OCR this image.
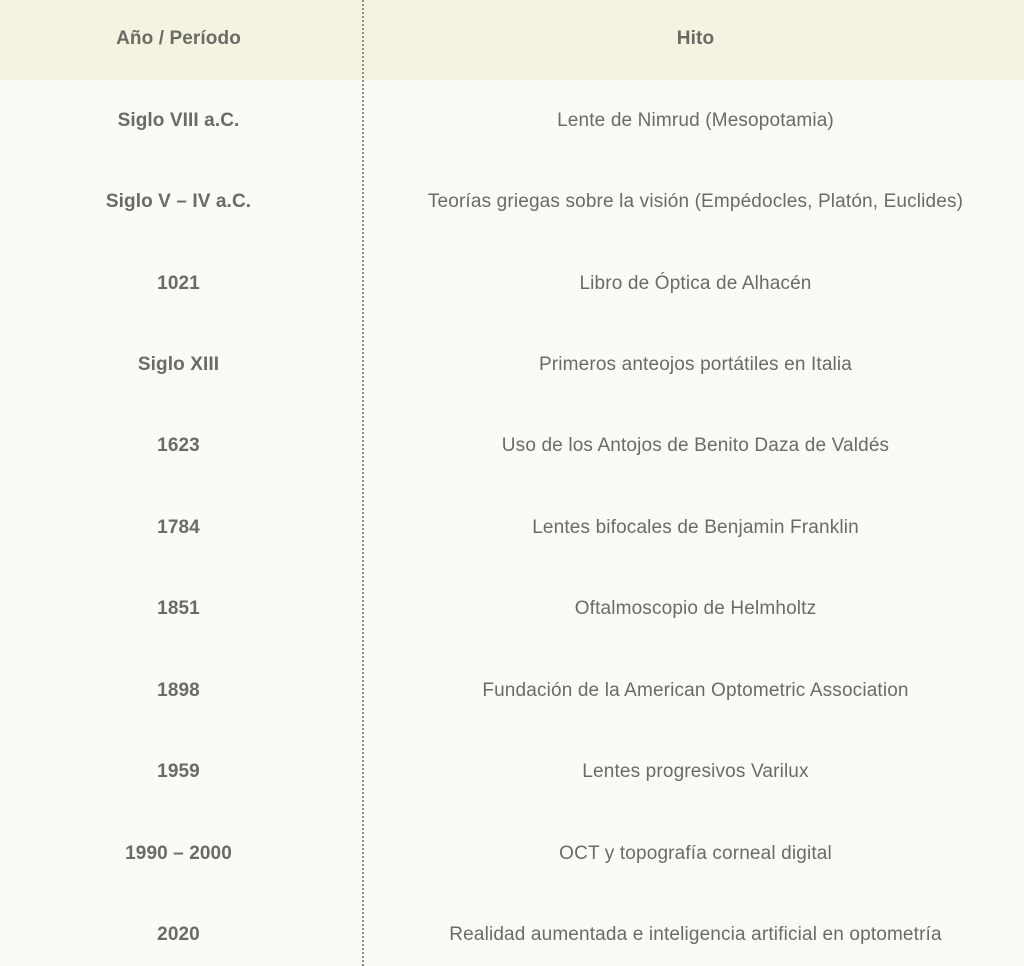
Año / Período	Hito
Siglo VIII a.C.	Lente de Nimrud (Mesopotamia)
Siglo V – IV a.C.	Teorías griegas sobre la visión (Empédocles, Platón, Euclides)
1021	Libro de Óptica de Alhacén
Siglo XIII	Primeros anteojos portátiles en Italia
1623	Uso de los Antojos de Benito Daza de Valdés
1784	Lentes bifocales de Benjamin Franklin
1851	Oftalmoscopio de Helmholtz
1898	Fundación de la American Optometric Association
1959	Lentes progresivos Varilux
1990 – 2000	OCT y topografía corneal digital
2020	Realidad aumentada e inteligencia artificial en optometría
